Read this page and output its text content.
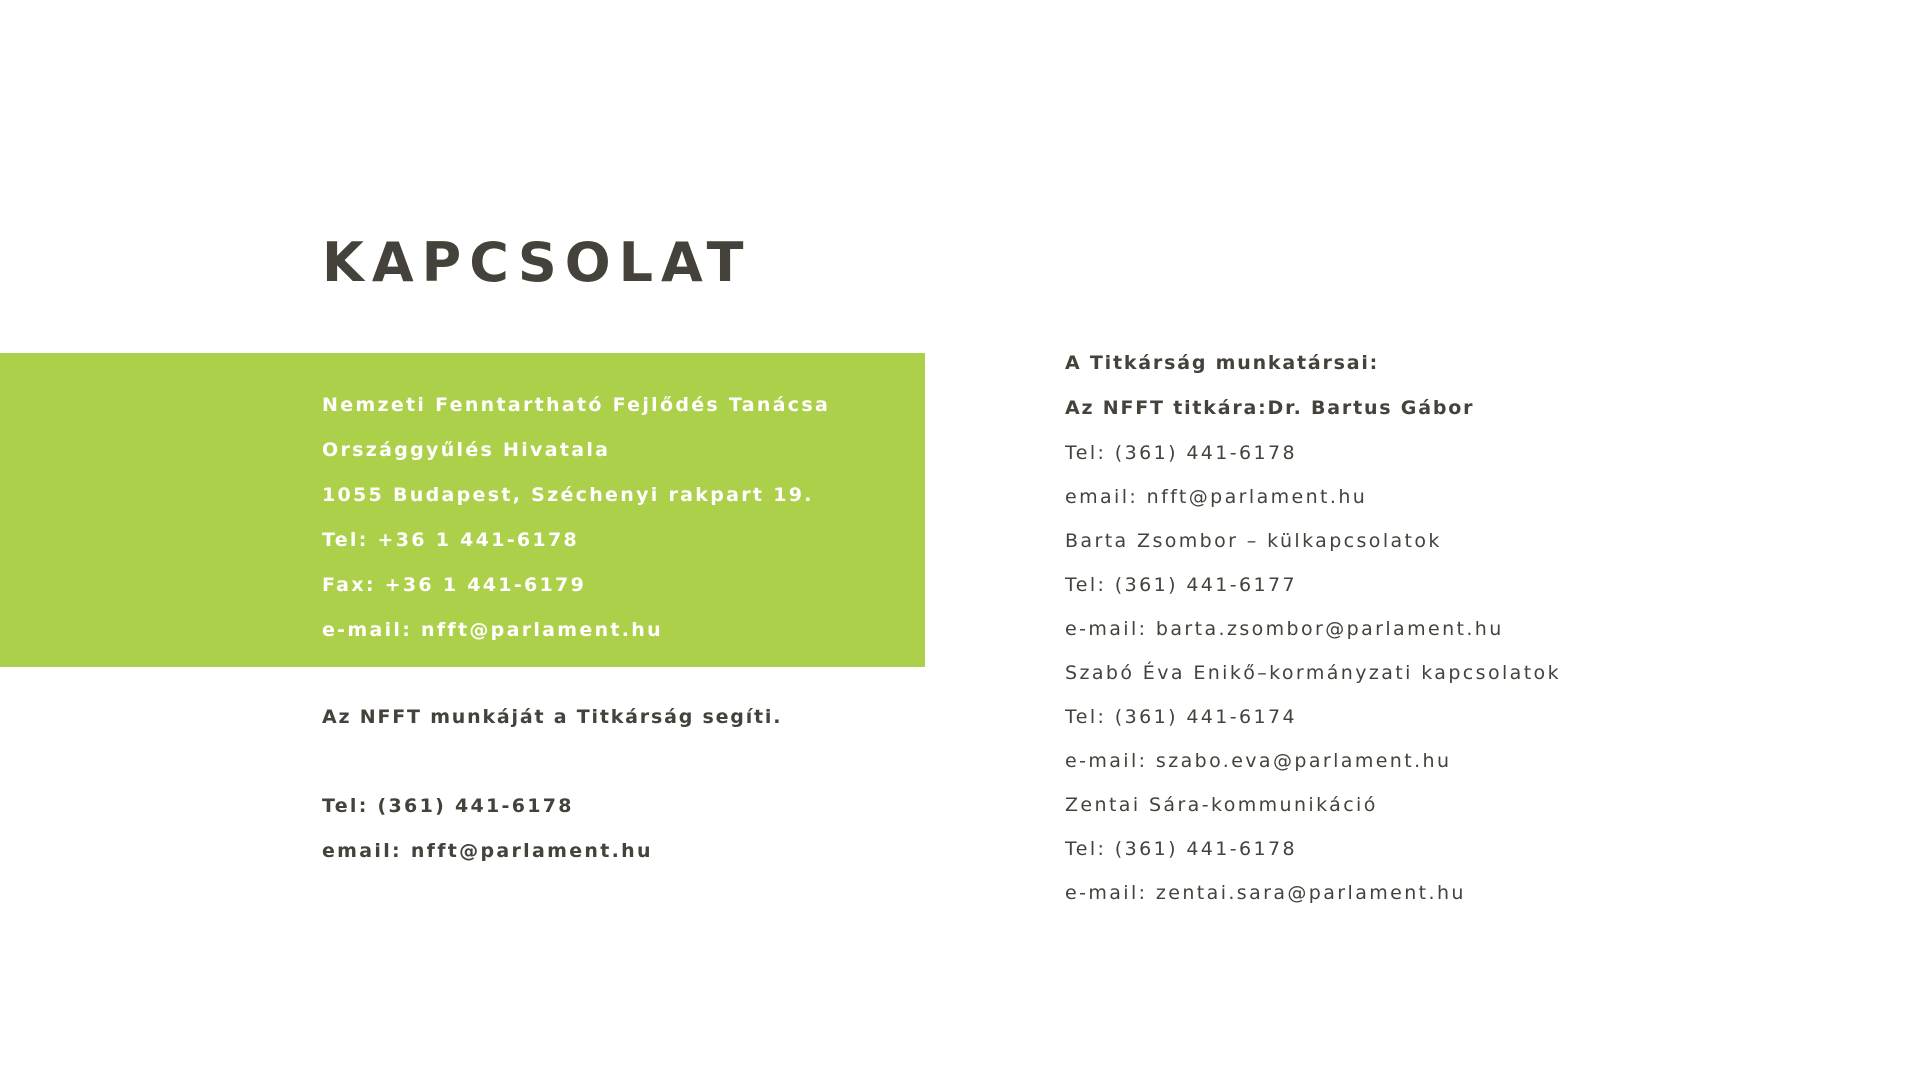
KAPCSOLAT
Nemzeti Fenntartható Fejlődés Tanácsa
Országgyűlés Hivatala
1055 Budapest, Széchenyi rakpart 19.
Tel: +36 1 441-6178
Fax: +36 1 441-6179
e-mail: nfft@parlament.hu

Az NFFT munkáját a Titkárság segíti.

Tel: (361) 441-6178
email: nfft@parlament.hu

A Titkárság munkatársai:

Az NFFT titkára:Dr. Bartus Gábor

Tel: (361) 441-6178
email: nfft@parlament.hu
Barta Zsombor – külkapcsolatok
Tel: (361) 441-6177
e-mail: barta.zsombor@parlament.hu
Szabó Éva Enikő–kormányzati kapcsolatok
Tel: (361) 441-6174
e-mail: szabo.eva@parlament.hu
Zentai Sára-kommunikáció
Tel: (361) 441-6178
e-mail: zentai.sara@parlament.hu
